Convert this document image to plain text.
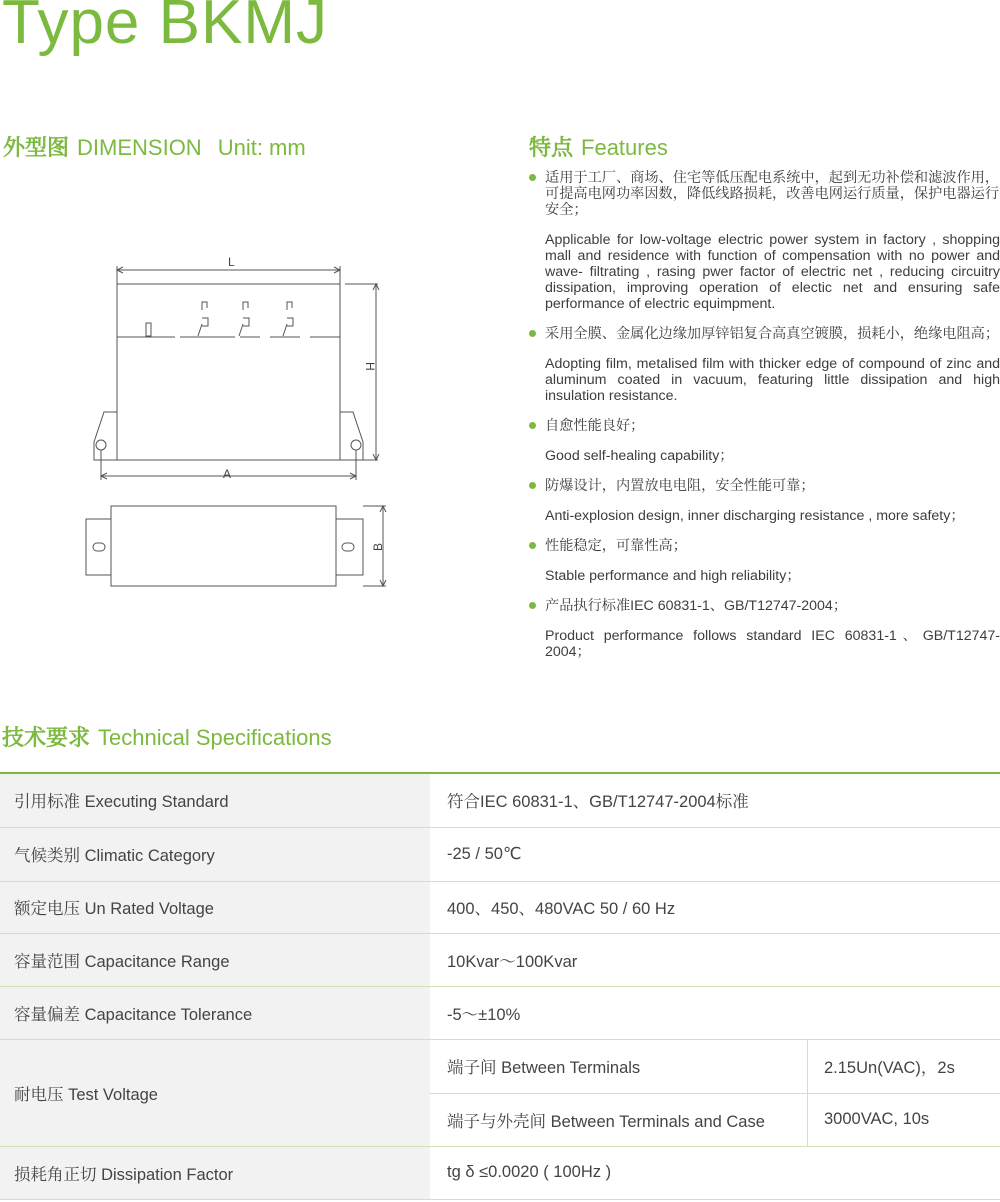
Type BKMJ
外型图 DIMENSION Unit: mm	特点 Features
L
H
A
B
适用于工厂、商场、住宅等低压配电系统中，起到无功补偿和滤波作用，可提高电网功率因数，降低线路损耗，改善电网运行质量，保护电器运行安全；
Applicable for low-voltage electric power system in factory , shopping mall and residence with function of compensation with no power and wave- filtrating , rasing pwer factor of electric net , reducing circuitry dissipation, improving operation of electic net and ensuring safe performance of electric equimpment.
采用全膜、金属化边缘加厚锌铝复合高真空镀膜，损耗小，绝缘电阻高；
Adopting film, metalised film with thicker edge of compound of zinc and aluminum coated in vacuum, featuring little dissipation and high insulation resistance.
自愈性能良好；
Good self-healing capability；
防爆设计，内置放电电阻，安全性能可靠；
Anti-explosion design, inner discharging resistance , more safety；
性能稳定，可靠性高；
Stable performance and high reliability；
产品执行标准IEC 60831-1、GB/T12747-2004；
Product performance follows standard IEC 60831-1、GB/T12747-2004；
技术要求 Technical Specifications
引用标准 Executing Standard	符合IEC 60831-1、GB/T12747-2004标准	
气候类别 Climatic Category	-25 / 50℃	
额定电压 Un Rated Voltage	400、450、480VAC 50 / 60 Hz	
容量范围 Capacitance Range	10Kvar～100Kvar	
容量偏差 Capacitance Tolerance	-5～±10%	
耐电压 Test Voltage	端子间 Between Terminals	2.15Un(VAC)，2s
	端子与外壳间 Between Terminals and Case	3000VAC, 10s
损耗角正切 Dissipation Factor	tg δ ≤0.0020 ( 100Hz )	
